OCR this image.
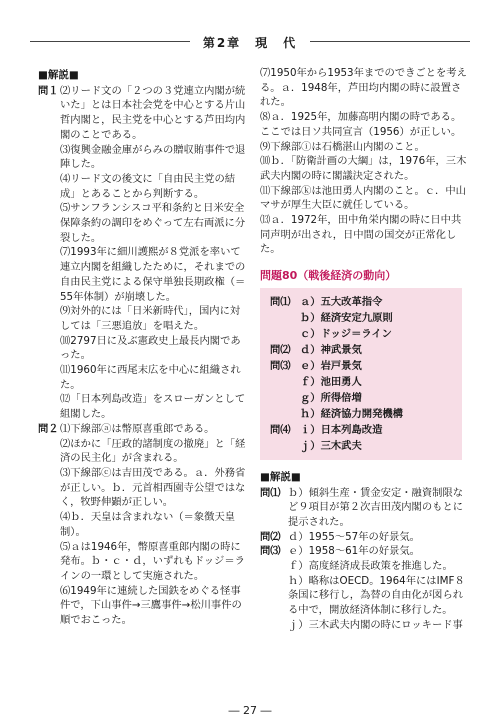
第2章　現　代
■解説■
問１ ⑵リード文の「２つの３党連立内閣が続いた」とは日本社会党を中心とする片山哲内閣と，民主党を中心とする芦田均内閣のことである。
⑶復興金融金庫がらみの贈収賄事件で退陣した。
⑷リード文の後文に「自由民主党の結成」とあることから判断する。
⑸サンフランシスコ平和条約と日米安全保障条約の調印をめぐって左右両派に分裂した。
⑺1993年に細川護熙が８党派を率いて連立内閣を組織したために，それまでの自由民主党による保守単独長期政権（＝55年体制）が崩壊した。
⑼対外的には「日米新時代」，国内に対しては「三悪追放」を唱えた。
⑽2797日に及ぶ憲政史上最長内閣であった。
⑾1960年に西尾末広を中心に組織された。
⑿「日本列島改造」をスローガンとして組閣した。
問２ ⑴下線部ⓐは幣原喜重郎である。
⑵ほかに「圧政的諸制度の撤廃」と「経済の民主化」が含まれる。
⑶下線部ⓒは吉田茂である。ａ．外務省が正しい。ｂ．元首相西園寺公望ではなく，牧野伸顕が正しい。
⑷ｂ．天皇は含まれない（＝象徴天皇制）。
⑸ａは1946年，幣原喜重郎内閣の時に発布。ｂ・ｃ・ｄ，いずれもドッジ＝ラインの一環として実施された。
⑹1949年に連続した国鉄をめぐる怪事件で，下山事件→三鷹事件→松川事件の順でおこった。
⑺1950年から1953年までのできごとを考える。ａ．1948年，芦田均内閣の時に設置された。
⑻ａ．1925年，加藤高明内閣の時である。ここでは日ソ共同宣言（1956）が正しい。
⑼下線部ⓘは石橋湛山内閣のこと。
⑽ｂ．「防衛計画の大綱」は，1976年，三木武夫内閣の時に閣議決定された。
⑾下線部ⓚは池田勇人内閣のこと。ｃ．中山マサが厚生大臣に就任している。
⒀ａ．1972年，田中角栄内閣の時に日中共同声明が出され，日中間の国交が正常化した。
問題80（戦後経済の動向）
問⑴ ａ）五大改革指令
ｂ）経済安定九原則
ｃ）ドッジ＝ライン
問⑵ ｄ）神武景気
問⑶ ｅ）岩戸景気
ｆ）池田勇人
ｇ）所得倍増
ｈ）経済協力開発機構
問⑷ ｉ）日本列島改造
ｊ）三木武夫
■解説■
問⑴ ｂ）傾斜生産・賃金安定・融資制限など９項目が第２次吉田茂内閣のもとに提示された。
問⑵ ｄ）1955〜57年の好景気。
問⑶ ｅ）1958〜61年の好景気。
ｆ）高度経済成長政策を推進した。
ｈ）略称はOECD。1964年にはIMF８条国に移行し，為替の自由化が図られる中で，開放経済体制に移行した。
ｊ）三木武夫内閣の時にロッキード事
― 27 ―
